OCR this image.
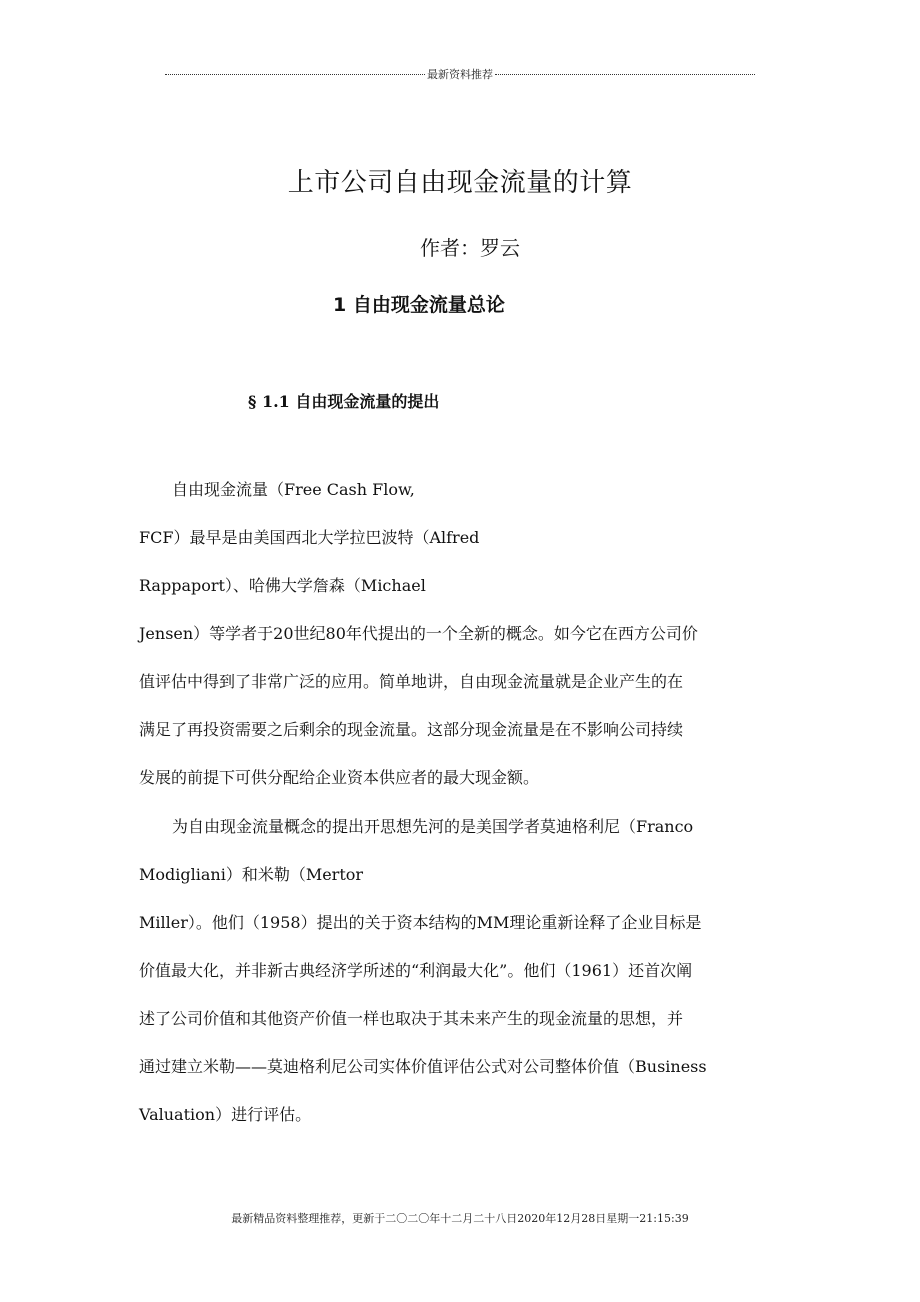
最新资料推荐
上市公司自由现金流量的计算
作者：罗云
1 自由现金流量总论
§ 1.1 自由现金流量的提出
自由现金流量（Free Cash Flow,
FCF）最早是由美国西北大学拉巴波特（Alfred
Rappaport）、哈佛大学詹森（Michael
Jensen）等学者于20世纪80年代提出的一个全新的概念。如今它在西方公司价
值评估中得到了非常广泛的应用。简单地讲，自由现金流量就是企业产生的在
满足了再投资需要之后剩余的现金流量。这部分现金流量是在不影响公司持续
发展的前提下可供分配给企业资本供应者的最大现金额。
为自由现金流量概念的提出开思想先河的是美国学者莫迪格利尼（Franco
Modigliani）和米勒（Mertor
Miller）。他们（1958）提出的关于资本结构的MM理论重新诠释了企业目标是
价值最大化，并非新古典经济学所述的“利润最大化”。他们（1961）还首次阐
述了公司价值和其他资产价值一样也取决于其未来产生的现金流量的思想，并
通过建立米勒——莫迪格利尼公司实体价值评估公式对公司整体价值（Business
Valuation）进行评估。
最新精品资料整理推荐，更新于二〇二〇年十二月二十八日2020年12月28日星期一21:15:39
